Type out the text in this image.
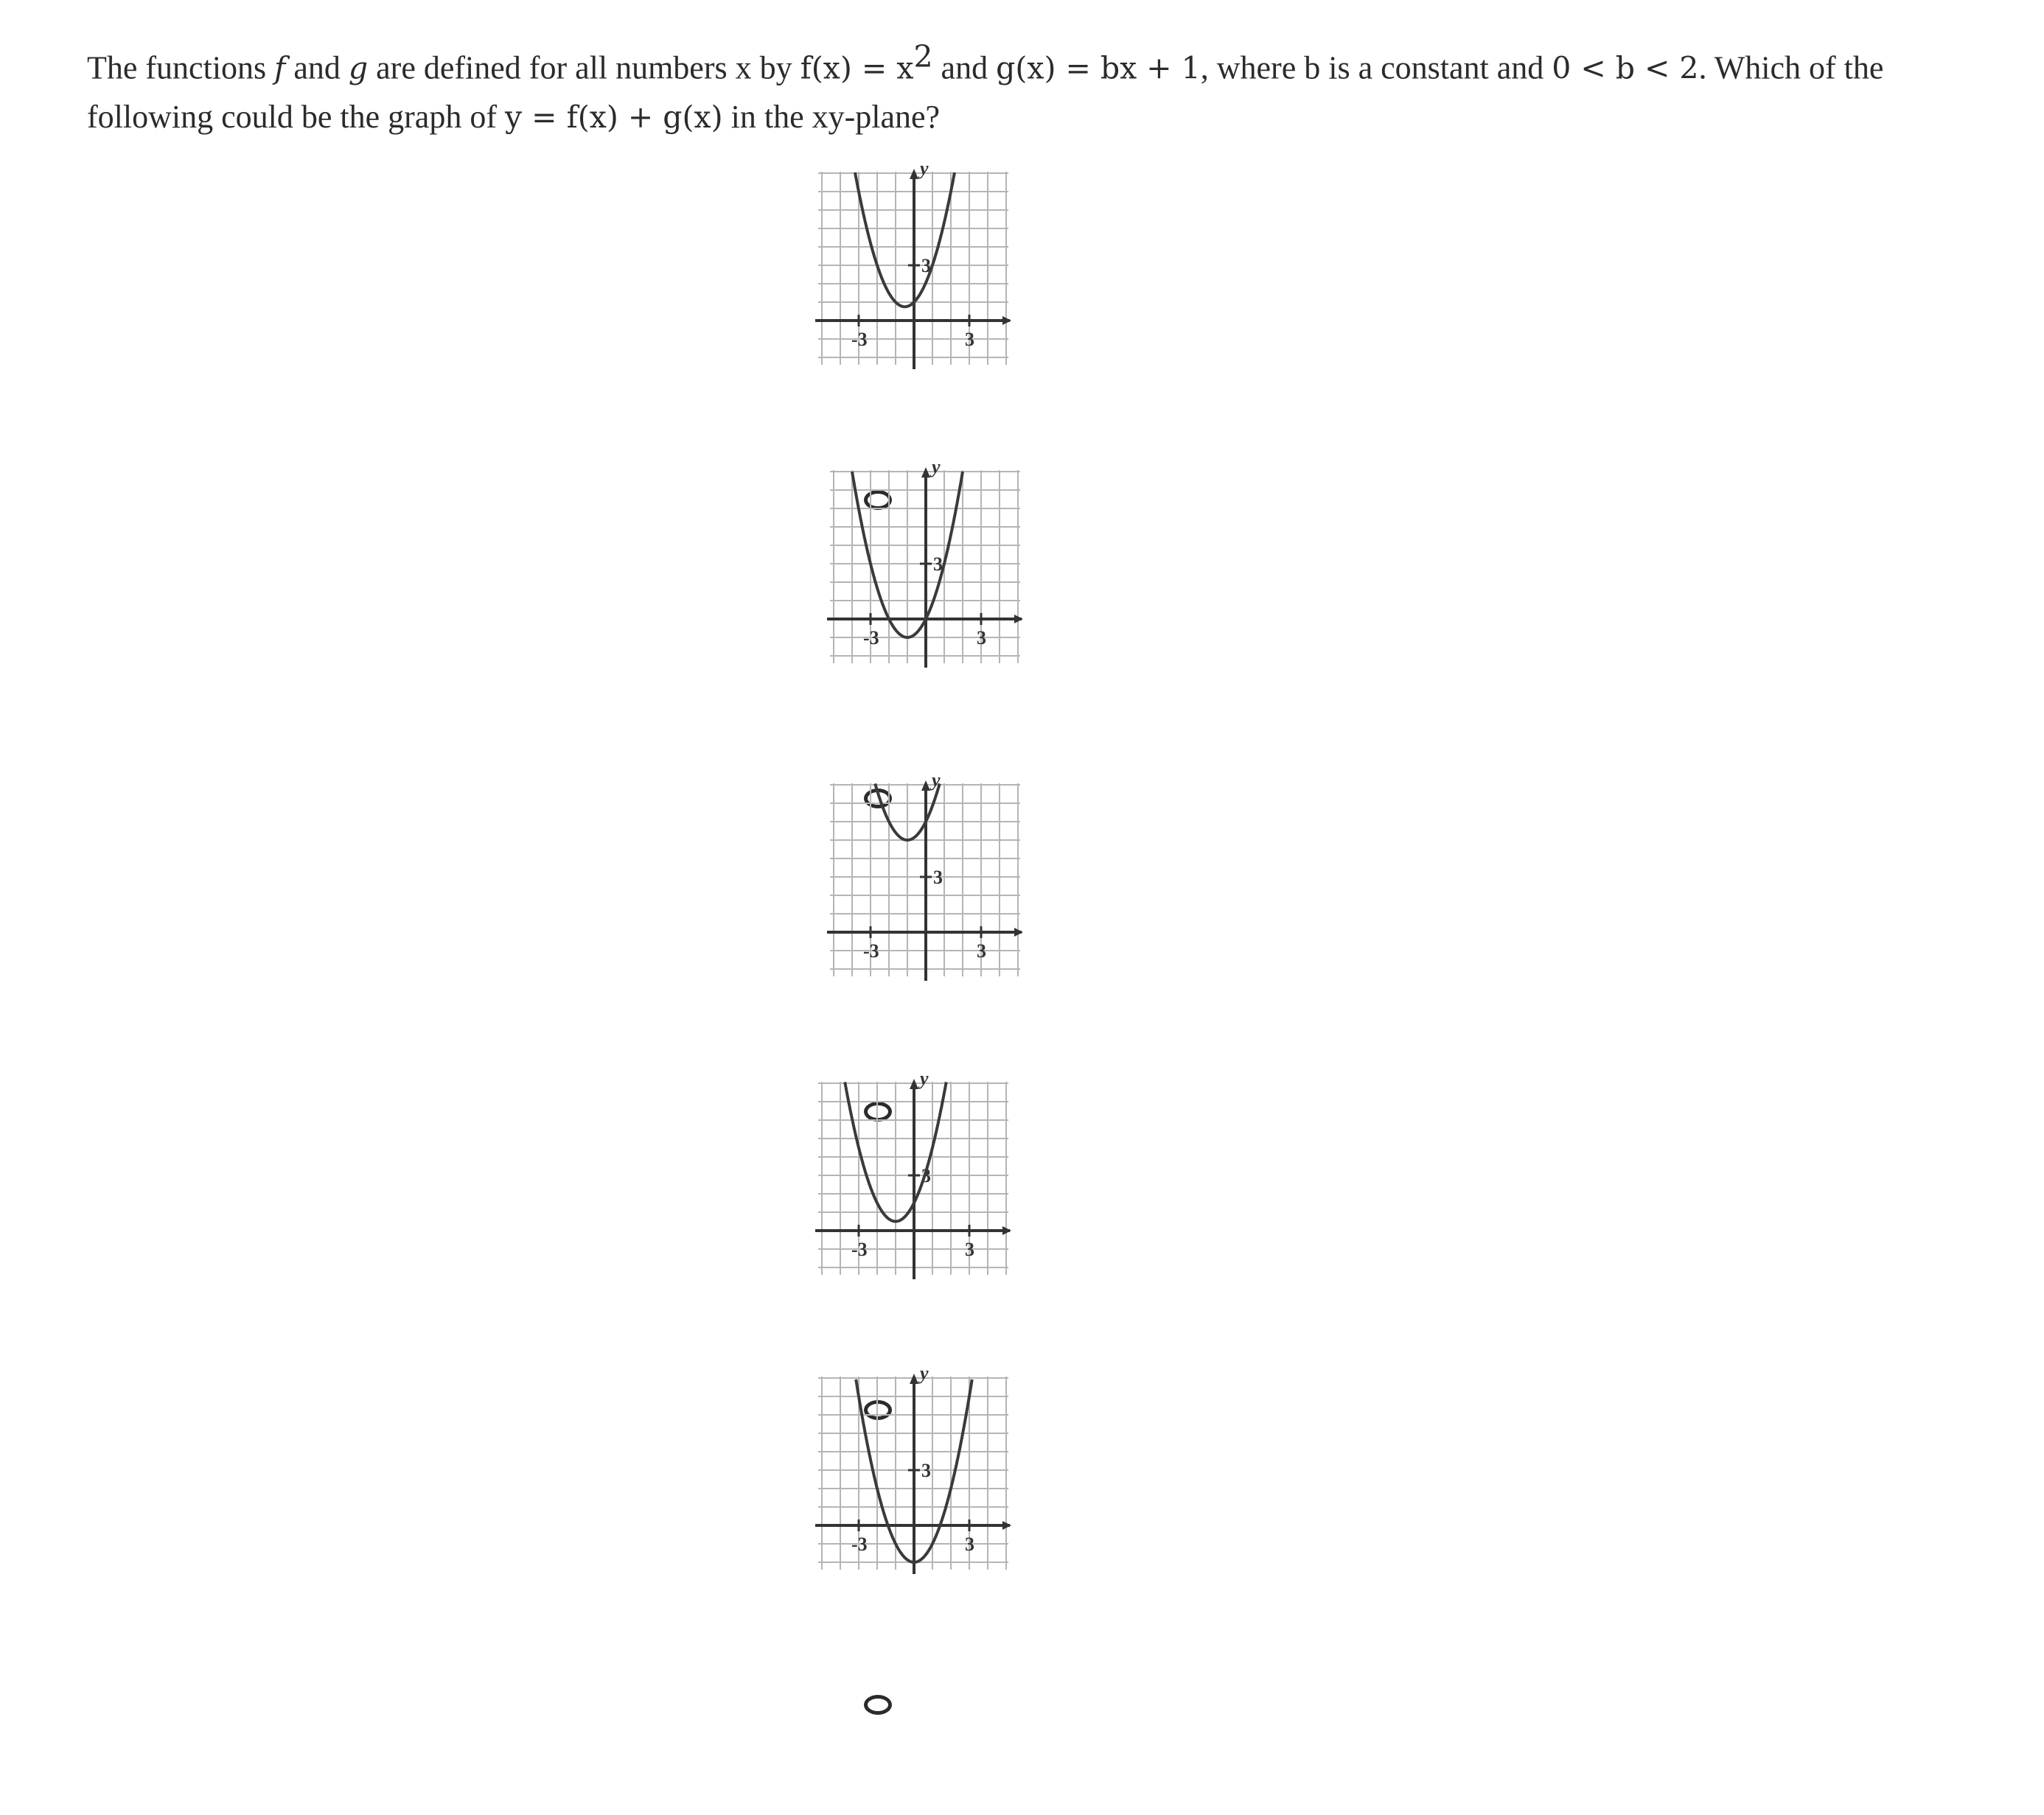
The functions f and g are defined for all numbers x by $f(x) = x^2$ and g(x) = bx + 1, where b is a constant and 0 < b < 2. Which of the following could be the graph of y = f(x) + g(x) in the xy-plane?
-3	3
3
y
-3	3
3
y
-3	3
3
y
-3	3
3
y
-3	3
3
y
